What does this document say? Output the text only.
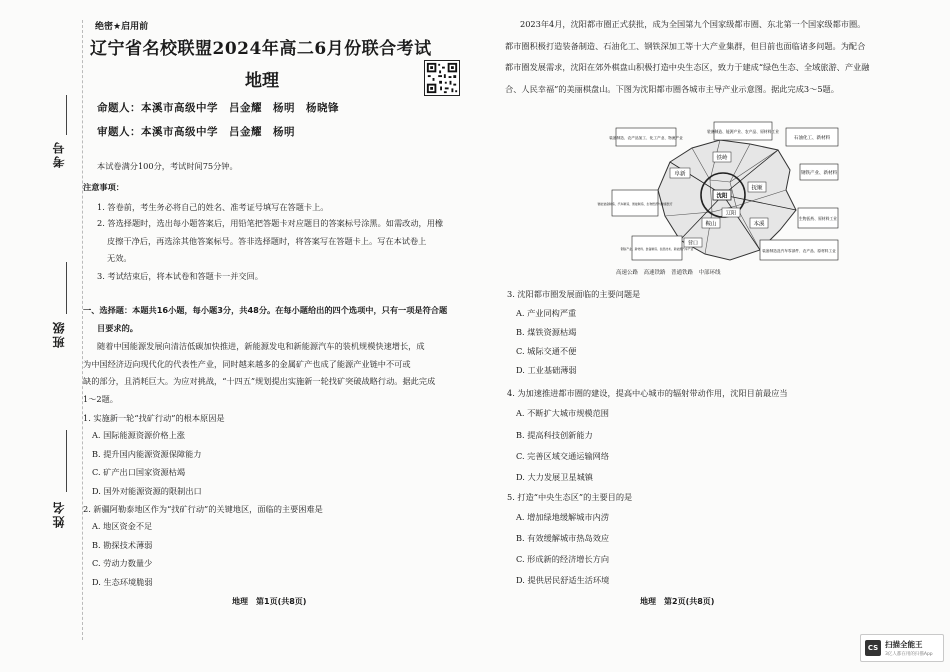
考号
班级
姓名
绝密★启用前
辽宁省名校联盟2024年高二6月份联合考试
地理
命题人：本溪市高级中学　吕金耀　杨明　杨晓锋
审题人：本溪市高级中学　吕金耀　杨明
本试卷满分100分，考试时间75分钟。
注意事项：
1. 答卷前，考生务必将自己的姓名、准考证号填写在答题卡上。
2. 答选择题时，选出每小题答案后，用铅笔把答题卡对应题目的答案标号涂黑。如需改动，用橡
皮擦干净后，再选涂其他答案标号。答非选择题时，将答案写在答题卡上。写在本试卷上
无效。
3. 考试结束后，将本试卷和答题卡一并交回。
一、选择题：本题共16小题，每小题3分，共48分。在每小题给出的四个选项中，只有一项是符合题
目要求的。
随着中国能源发展向清洁低碳加快推进，新能源发电和新能源汽车的装机规模快速增长，成
为中国经济迈向现代化的代表性产业，同时越来越多的金属矿产也成了能源产业链中不可或
缺的部分，且消耗巨大。为应对挑战，“十四五”规划提出实施新一轮找矿突破战略行动。据此完成
1～2题。
1. 实施新一轮“找矿行动”的根本原因是
A. 国际能源资源价格上涨
B. 提升国内能源资源保障能力
C. 矿产出口国家资源枯竭
D. 国外对能源资源的限制出口
2. 新疆阿勒泰地区作为“找矿行动”的关键地区，面临的主要困难是
A. 地区资金不足
B. 勘探技术薄弱
C. 劳动力数量少
D. 生态环境脆弱
地理　第1页(共8页)
2023年4月，沈阳都市圈正式获批，成为全国第九个国家级都市圈、东北第一个国家级都市圈。
都市圈积极打造装备制造、石油化工、钢铁深加工等十大产业集群，但目前也面临诸多问题。为配合
都市圈发展需求，沈阳在郊外棋盘山积极打造中央生态区，致力于建成“绿色生态、全域旅游、产业融
合、人民幸福”的美丽棋盘山。下图为沈阳都市圈各城市主导产业示意图。据此完成3～5题。
阜新
铁岭
抚顺
沈阳
鞍山	本溪
辽阳
营口
装备制造、能源产业、农产品、原材料工业
装备制造、农产品加工、化工产业、物流产业	石油化工、新材料
钢铁产业、新材料
智能装备制造、汽车制造、智能制造、生物医药与健康医疗
生物医药、原材料工业
钢铁产业、新材料、装备制造、信息技术、新能源汽车产业	装备制造及汽车零部件、农产品、原材料工业
高速公路　高速铁路　普通铁路　中部环线
3. 沈阳都市圈发展面临的主要问题是
A. 产业同构严重
B. 煤铁资源枯竭
C. 城际交通不便
D. 工业基础薄弱
4. 为加速推进都市圈的建设，提高中心城市的辐射带动作用，沈阳目前最应当
A. 不断扩大城市规模范围
B. 提高科技创新能力
C. 完善区域交通运输网络
D. 大力发展卫星城镇
5. 打造“中央生态区”的主要目的是
A. 增加绿地缓解城市内涝
B. 有效缓解城市热岛效应
C. 形成新的经济增长方向
D. 提供居民舒适生活环境
地理　第2页(共8页)
CS 扫描全能王
3亿人都在用的扫描App
